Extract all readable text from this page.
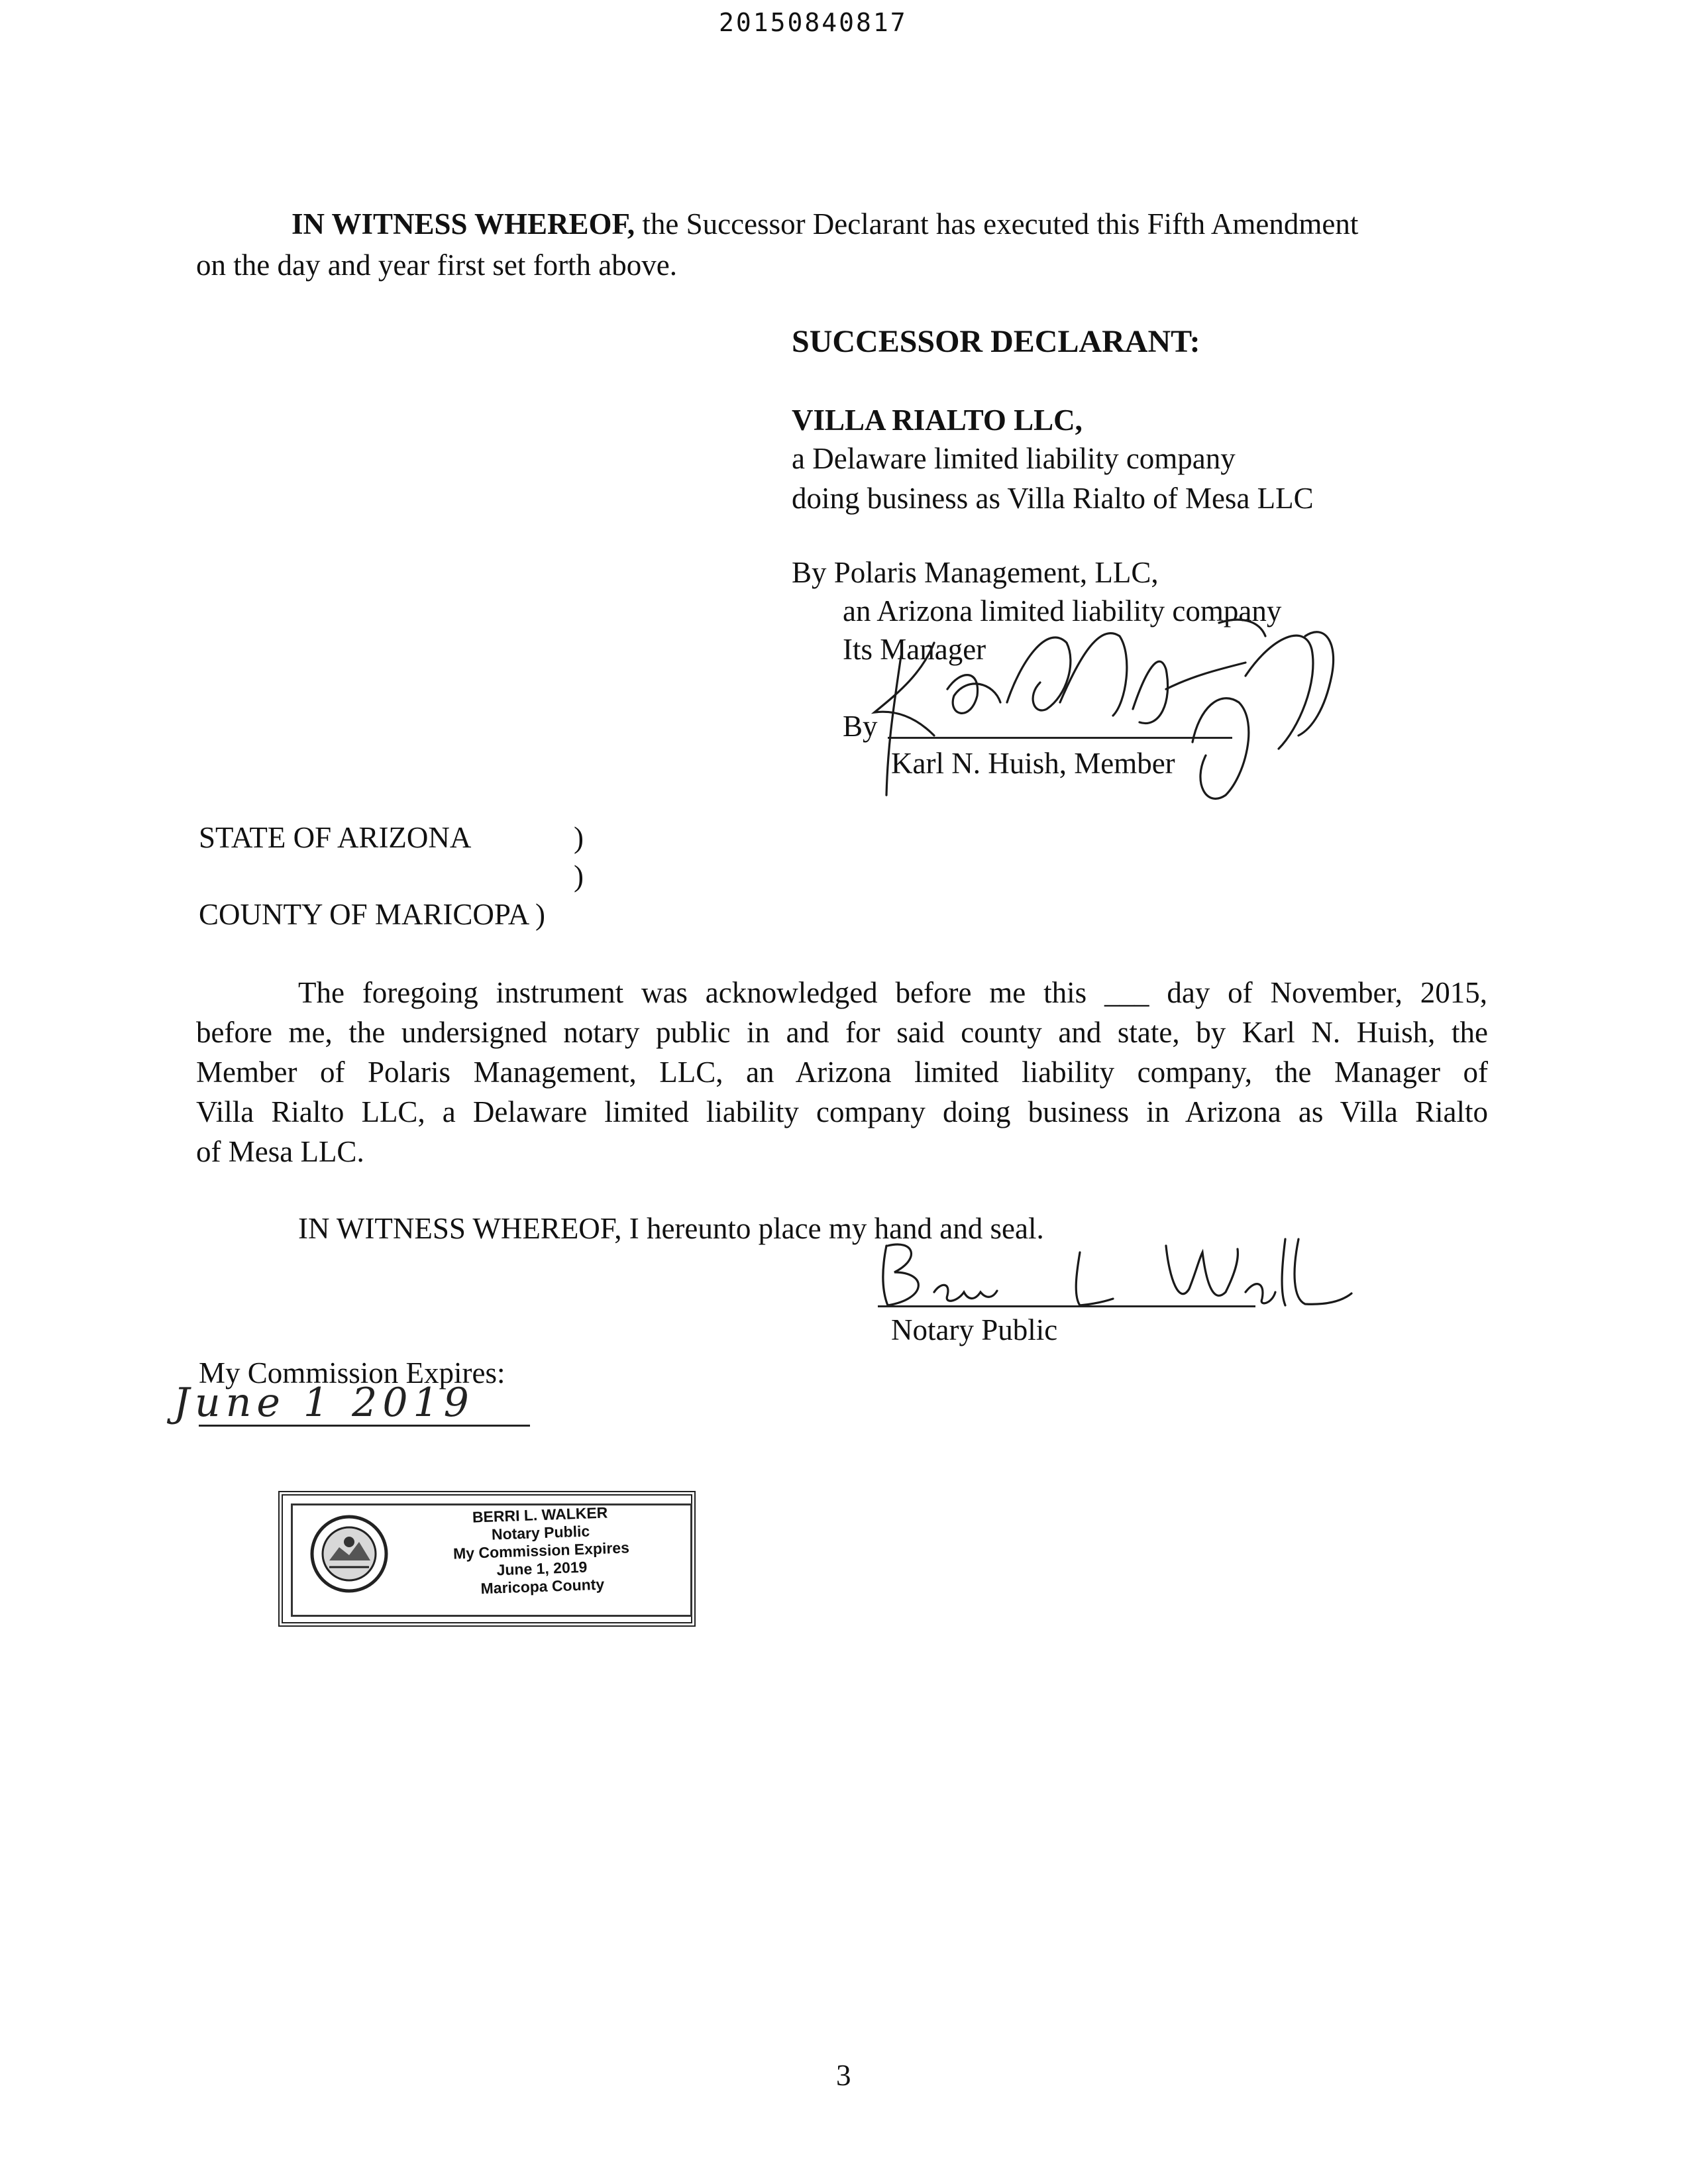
20150840817
IN WITNESS WHEREOF, the Successor Declarant has executed this Fifth Amendment
on the day and year first set forth above.
SUCCESSOR DECLARANT:
VILLA RIALTO LLC,
a Delaware limited liability company
doing business as Villa Rialto of Mesa LLC
By Polaris Management, LLC,
an Arizona limited liability company
Its Manager
By
Karl N. Huish, Member
STATE OF ARIZONA	)
)
COUNTY OF MARICOPA )
The foregoing instrument was acknowledged before me this ___ day of November, 2015,
before me, the undersigned notary public in and for said county and state, by Karl N. Huish, the
Member of Polaris Management, LLC, an Arizona limited liability company, the Manager of
Villa Rialto LLC, a Delaware limited liability company doing business in Arizona as Villa Rialto
of Mesa LLC.
IN WITNESS WHEREOF, I hereunto place my hand and seal.
Notary Public
My Commission Expires:
June 1 2019
BERRI L. WALKER
Notary Public
My Commission Expires
June 1, 2019
Maricopa County
3
